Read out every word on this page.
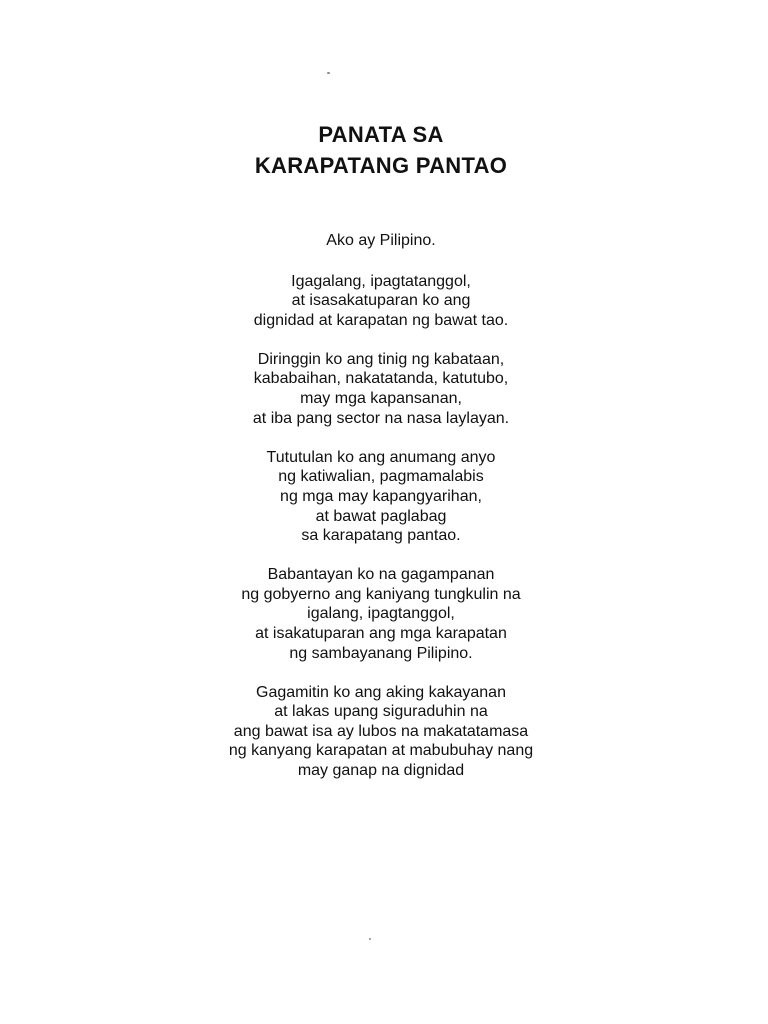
PANATA SA
KARAPATANG PANTAO
Ako ay Pilipino.
Igagalang, ipagtatanggol,
at isasakatuparan ko ang
dignidad at karapatan ng bawat tao.
Diringgin ko ang tinig ng kabataan,
kababaihan, nakatatanda, katutubo,
may mga kapansanan,
at iba pang sector na nasa laylayan.
Tututulan ko ang anumang anyo
ng katiwalian, pagmamalabis
ng mga may kapangyarihan,
at bawat paglabag
sa karapatang pantao.
Babantayan ko na gagampanan
ng gobyerno ang kaniyang tungkulin na
igalang, ipagtanggol,
at isakatuparan ang mga karapatan
ng sambayanang Pilipino.
Gagamitin ko ang aking kakayanan
at lakas upang siguraduhin na
ang bawat isa ay lubos na makatatamasa
ng kanyang karapatan at mabubuhay nang
may ganap na dignidad
